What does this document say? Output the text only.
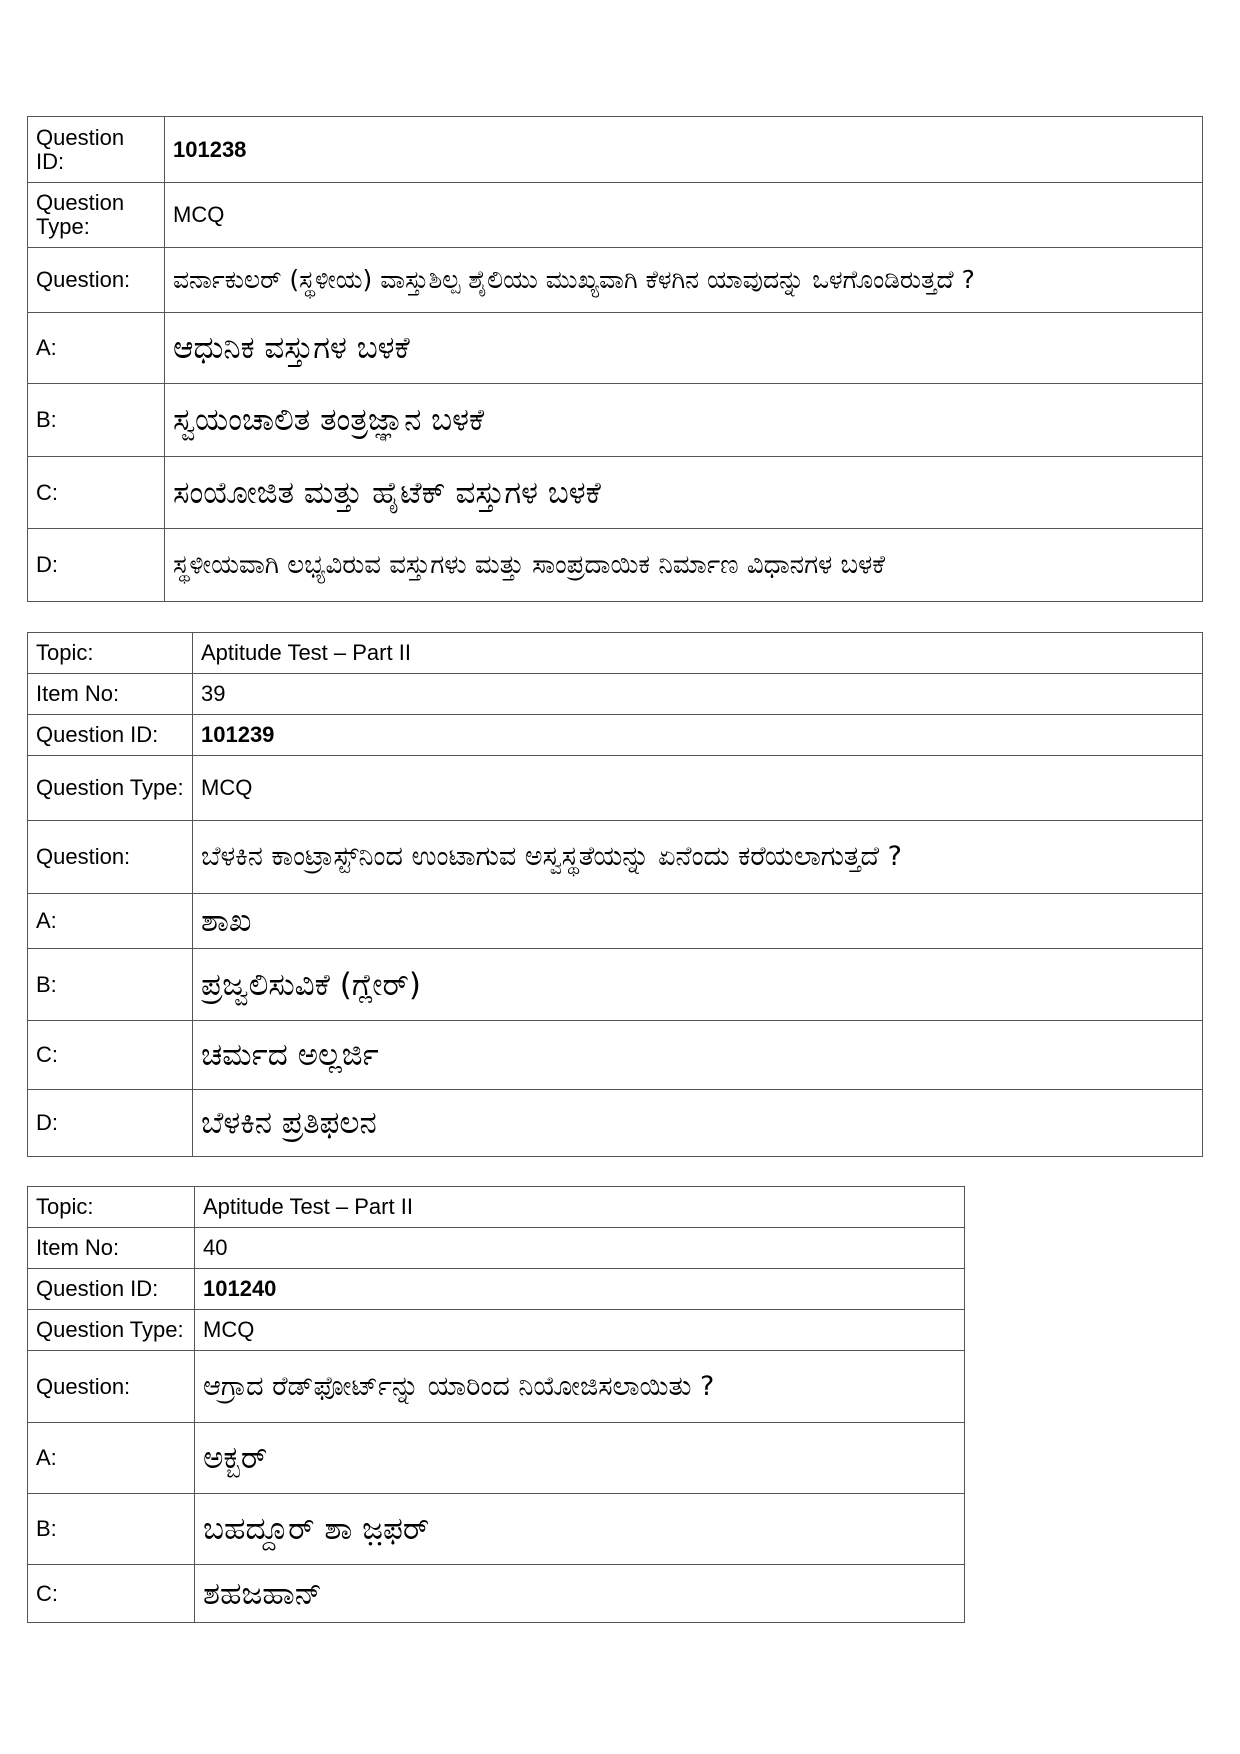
Question ID:	101238
Question Type:	MCQ
Question:	ವರ್ನಾಕುಲರ್ (ಸ್ಥಳೀಯ) ವಾಸ್ತುಶಿಲ್ಪ ಶೈಲಿಯು ಮುಖ್ಯವಾಗಿ ಕೆಳಗಿನ ಯಾವುದನ್ನು ಒಳಗೊಂಡಿರುತ್ತದೆ ?
A:	ಆಧುನಿಕ ವಸ್ತುಗಳ ಬಳಕೆ
B:	ಸ್ವಯಂಚಾಲಿತ ತಂತ್ರಜ್ಞಾನ ಬಳಕೆ
C:	ಸಂಯೋಜಿತ ಮತ್ತು ಹೈಟೆಕ್ ವಸ್ತುಗಳ ಬಳಕೆ
D:	ಸ್ಥಳೀಯವಾಗಿ ಲಭ್ಯವಿರುವ ವಸ್ತುಗಳು ಮತ್ತು ಸಾಂಪ್ರದಾಯಿಕ ನಿರ್ಮಾಣ ವಿಧಾನಗಳ ಬಳಕೆ
Topic:	Aptitude Test – Part II
Item No:	39
Question ID:	101239
Question Type:	MCQ
Question:	ಬೆಳಕಿನ ಕಾಂಟ್ರಾಸ್ಟ್‌ನಿಂದ ಉಂಟಾಗುವ ಅಸ್ವಸ್ಥತೆಯನ್ನು ಏನೆಂದು ಕರೆಯಲಾಗುತ್ತದೆ ?
A:	ಶಾಖ
B:	ಪ್ರಜ್ವಲಿಸುವಿಕೆ (ಗ್ಲೇರ್)
C:	ಚರ್ಮದ ಅಲ್ಲರ್ಜಿ
D:	ಬೆಳಕಿನ ಪ್ರತಿಫಲನ
Topic:	Aptitude Test – Part II
Item No:	40
Question ID:	101240
Question Type:	MCQ
Question:	ಆಗ್ರಾದ ರೆಡ್‌ಫೋರ್ಟ್‌ನ್ನು ಯಾರಿಂದ ನಿಯೋಜಿಸಲಾಯಿತು ?
A:	ಅಕ್ಬರ್
B:	ಬಹದ್ದೂರ್ ಶಾ ಜ಼ಫರ್
C:	ಶಹಜಹಾನ್
